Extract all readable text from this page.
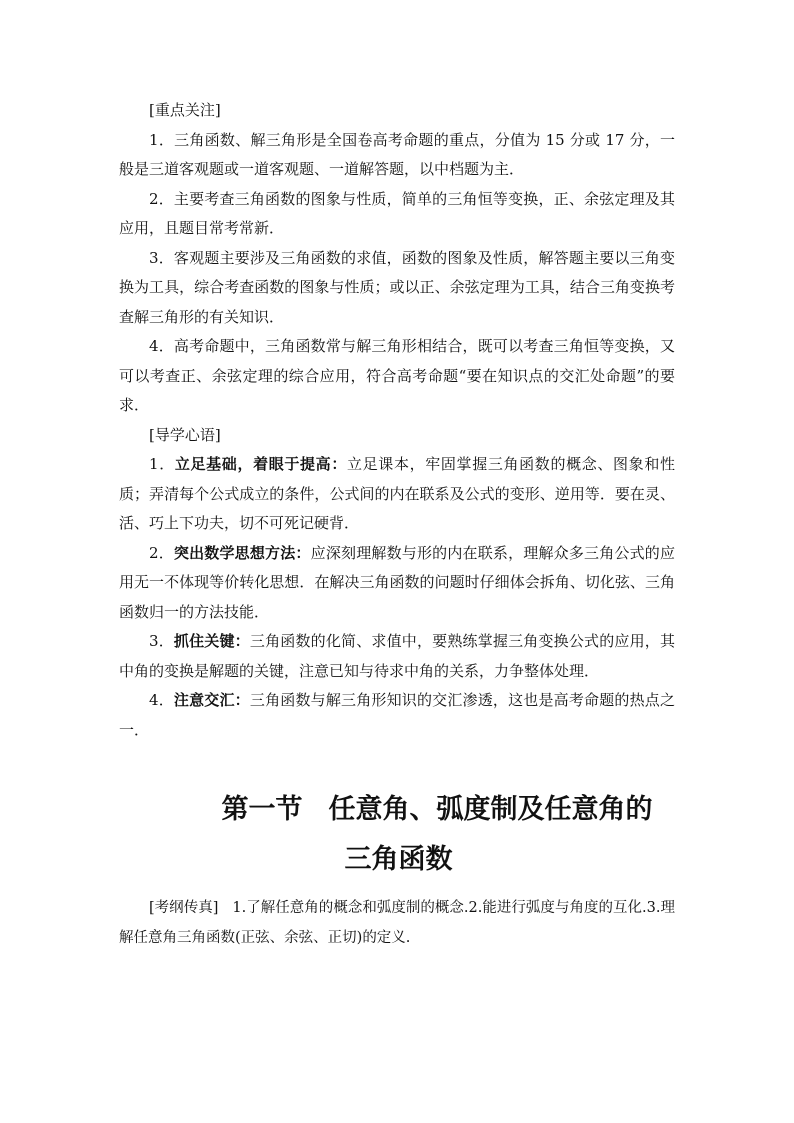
[重点关注]

1．三角函数、解三角形是全国卷高考命题的重点，分值为 15 分或 17 分，一般是三道客观题或一道客观题、一道解答题，以中档题为主．

2．主要考查三角函数的图象与性质，简单的三角恒等变换，正、余弦定理及其应用，且题目常考常新．

3．客观题主要涉及三角函数的求值，函数的图象及性质，解答题主要以三角变换为工具，综合考查函数的图象与性质；或以正、余弦定理为工具，结合三角变换考查解三角形的有关知识．

4．高考命题中，三角函数常与解三角形相结合，既可以考查三角恒等变换，又可以考查正、余弦定理的综合应用，符合高考命题“要在知识点的交汇处命题”的要求．

[导学心语]

1．立足基础，着眼于提高：立足课本，牢固掌握三角函数的概念、图象和性质；弄清每个公式成立的条件，公式间的内在联系及公式的变形、逆用等．要在灵、活、巧上下功夫，切不可死记硬背．

2．突出数学思想方法：应深刻理解数与形的内在联系，理解众多三角公式的应用无一不体现等价转化思想．在解决三角函数的问题时仔细体会拆角、切化弦、三角函数归一的方法技能．

3．抓住关键：三角函数的化简、求值中，要熟练掌握三角变换公式的应用，其中角的变换是解题的关键，注意已知与待求中角的关系，力争整体处理．

4．注意交汇：三角函数与解三角形知识的交汇渗透，这也是高考命题的热点之一．

第一节 任意角、弧度制及任意角的

三角函数

[考纲传真] 1.了解任意角的概念和弧度制的概念.2.能进行弧度与角度的互化.3.理解任意角三角函数(正弦、余弦、正切)的定义.
